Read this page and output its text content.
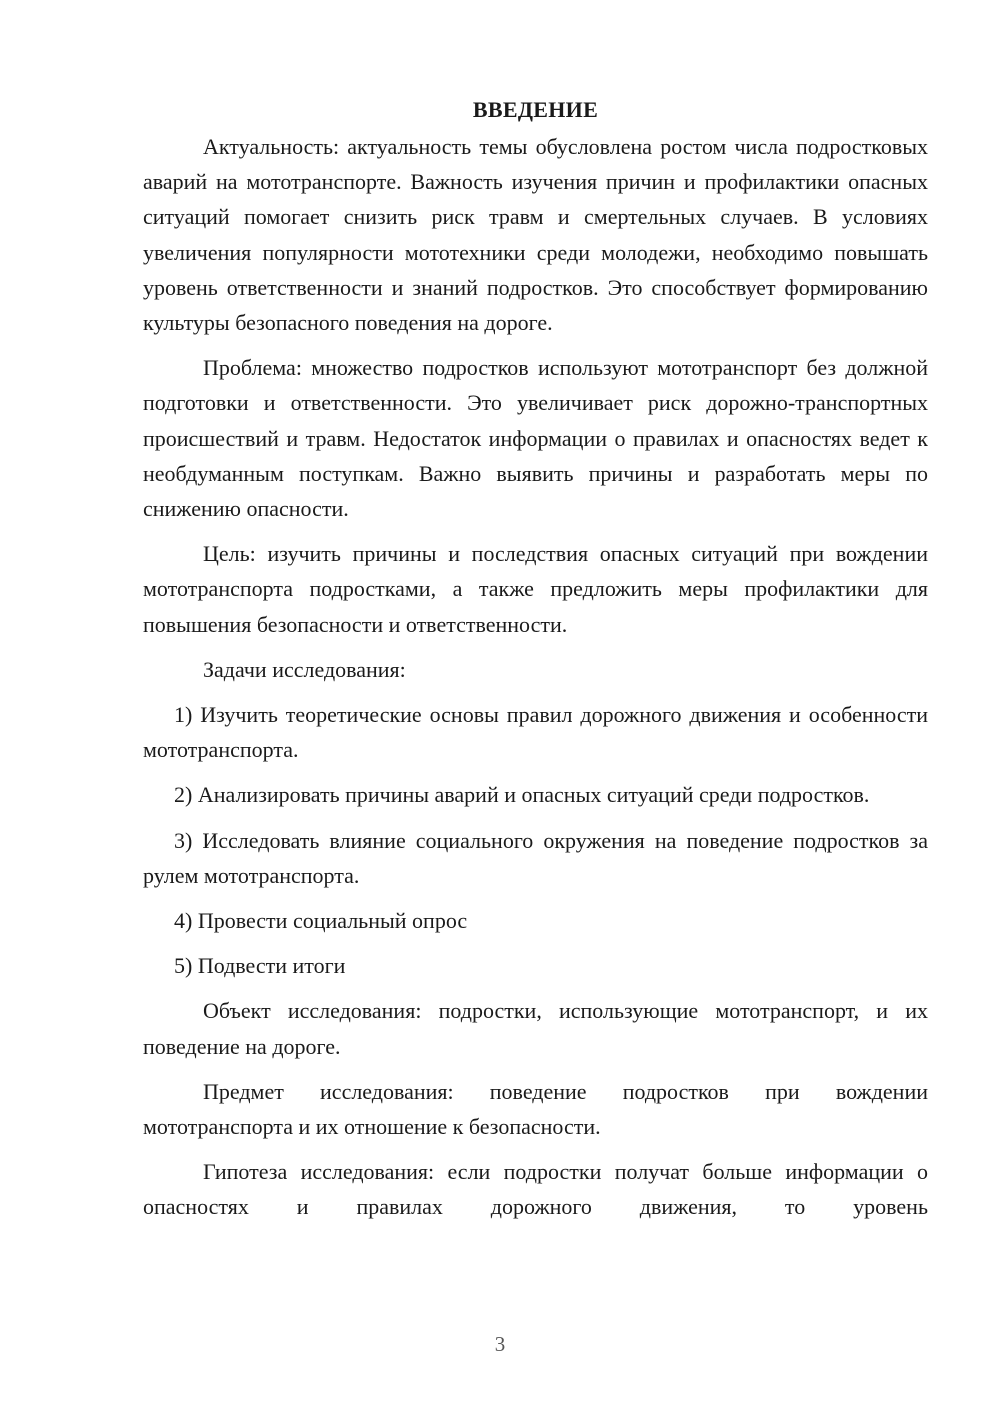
ВВЕДЕНИЕ

Актуальность: актуальность темы обусловлена ростом числа подростковых аварий на мототранспорте. Важность изучения причин и профилактики опасных ситуаций помогает снизить риск травм и смертельных случаев. В условиях увеличения популярности мототехники среди молодежи, необходимо повышать уровень ответственности и знаний подростков. Это способствует формированию культуры безопасного поведения на дороге.

Проблема: множество подростков используют мототранспорт без должной подготовки и ответственности. Это увеличивает риск дорожно-транспортных происшествий и травм. Недостаток информации о правилах и опасностях ведет к необдуманным поступкам. Важно выявить причины и разработать меры по снижению опасности.

Цель: изучить причины и последствия опасных ситуаций при вождении мототранспорта подростками, а также предложить меры профилактики для повышения безопасности и ответственности.

Задачи исследования:

1) Изучить теоретические основы правил дорожного движения и особенности мототранспорта.

2) Анализировать причины аварий и опасных ситуаций среди подростков.

3) Исследовать влияние социального окружения на поведение подростков за рулем мототранспорта.

4) Провести социальный опрос

5) Подвести итоги

Объект исследования: подростки, использующие мототранспорт, и их поведение на дороге.

Предмет исследования: поведение подростков при вождении мототранспорта и их отношение к безопасности.

Гипотеза исследования: если подростки получат больше информации о опасностях и правилах дорожного движения, то уровень

3
